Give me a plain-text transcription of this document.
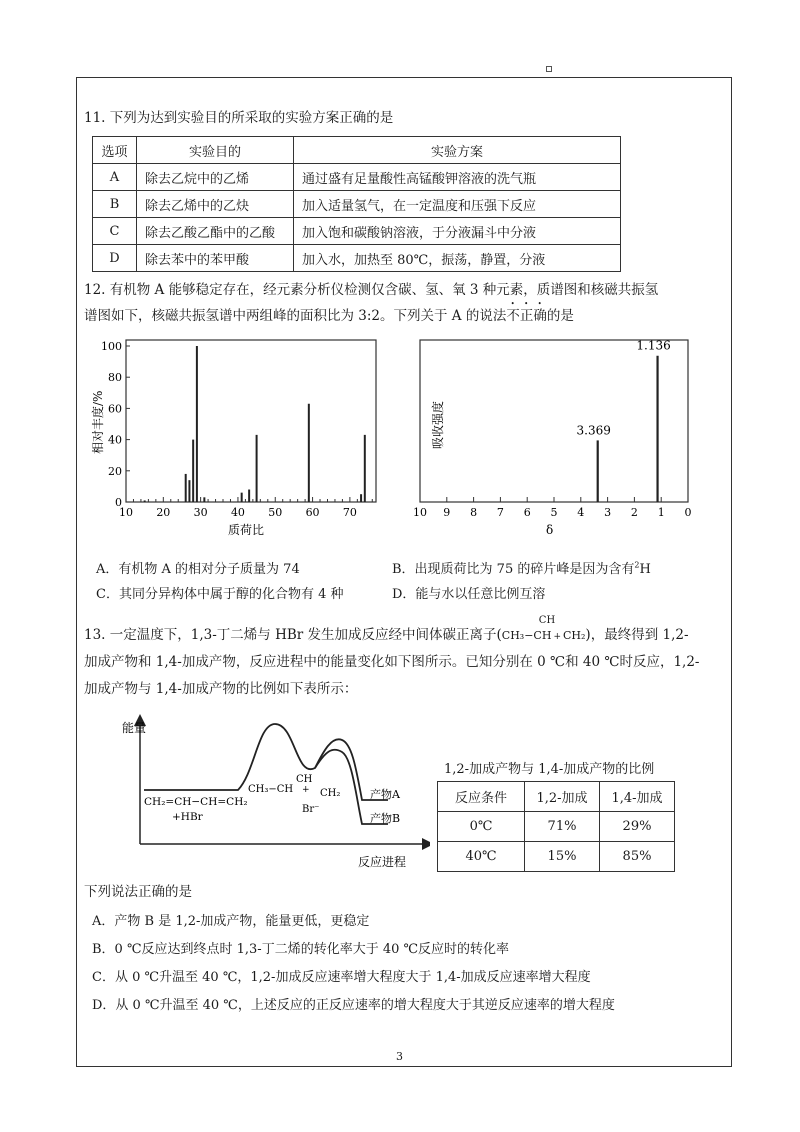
11. 下列为达到实验目的所采取的实验方案正确的是
选项	实验目的	实验方案
A	除去乙烷中的乙烯	通过盛有足量酸性高锰酸钾溶液的洗气瓶
B	除去乙烯中的乙炔	加入适量氢气，在一定温度和压强下反应
C	除去乙酸乙酯中的乙酸	加入饱和碳酸钠溶液，于分液漏斗中分液
D	除去苯中的苯甲酸	加入水，加热至 80℃，振荡，静置，分液
12. 有机物 A 能够稳定存在，经元素分析仪检测仅含碳、氢、氧 3 种元素，质谱图和核磁共振氢
谱图如下，核磁共振氢谱中两组峰的面积比为 3:2。下列关于 A 的说法不正确的是
0
20
40
60
80
100
10 20 30 40 50 60 70
质荷比
相对丰度/%
10 9 8 7 6 5 4 3 2 1 0
3.369
1.136
δ
吸收强度
A．有机物 A 的相对分子质量为 74	B．出现质荷比为 75 的碎片峰是因为含有$^2$H
C．其同分异构体中属于醇的化合物有 4 种	D．能与水以任意比例互溶
13. 一定温度下，1,3-丁二烯与 HBr 发生加成反应经中间体碳正离子(
CH
CH₃−CH + CH₂)，最终得到 1,2-
加成产物和 1,4-加成产物，反应进程中的能量变化如下图所示。已知分别在 0 ℃和 40 ℃时反应，1,2-
加成产物与 1,4-加成产物的比例如下表所示：
能量
反应进程
CH₂=CH−CH=CH₂
+HBr
CH₃−CH
CH
+ CH₂
Br⁻
产物A
产物B
1,2-加成产物与 1,4-加成产物的比例
反应条件	1,2-加成	1,4-加成
0℃	71%	29%
40℃	15%	85%
下列说法正确的是
A．产物 B 是 1,2-加成产物，能量更低，更稳定
B．0 ℃反应达到终点时 1,3-丁二烯的转化率大于 40 ℃反应时的转化率
C．从 0 ℃升温至 40 ℃，1,2-加成反应速率增大程度大于 1,4-加成反应速率增大程度
D．从 0 ℃升温至 40 ℃，上述反应的正反应速率的增大程度大于其逆反应速率的增大程度
3
